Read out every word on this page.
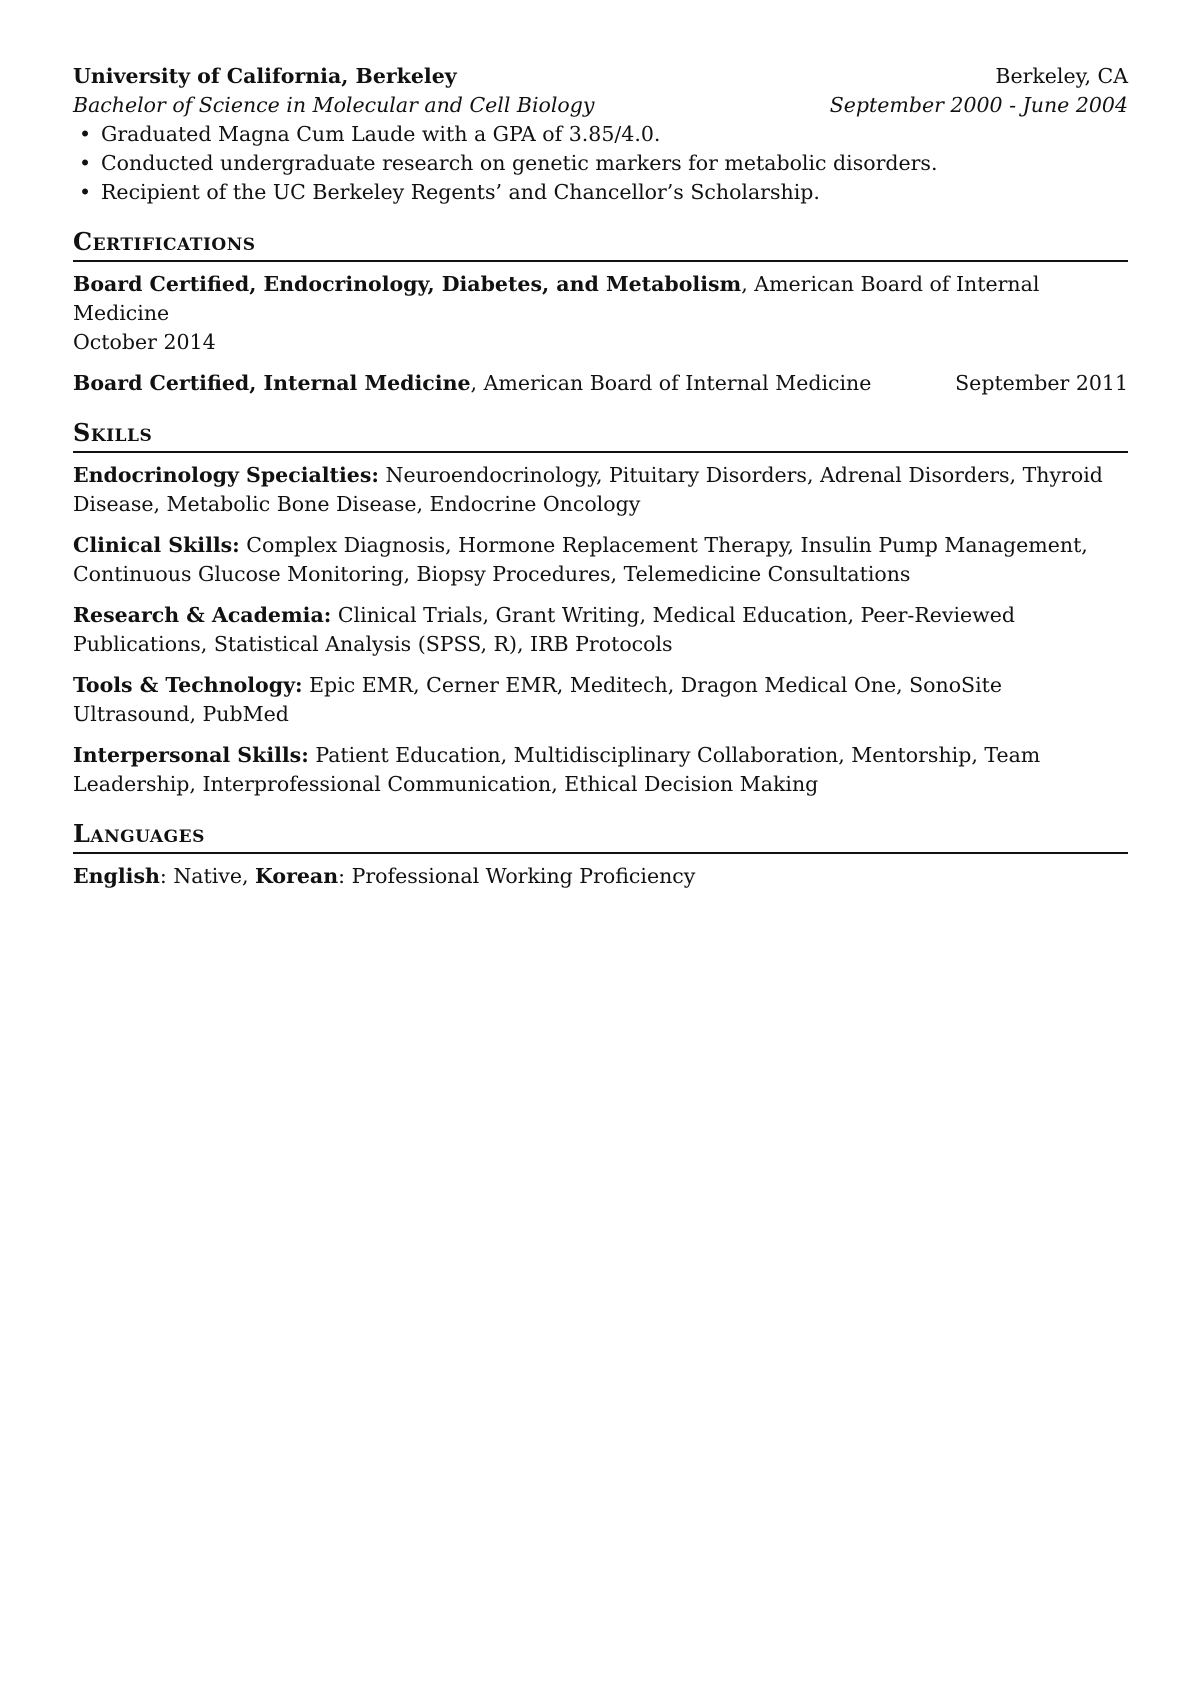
University of California, Berkeley	Berkeley, CA
Bachelor of Science in Molecular and Cell Biology	September 2000 - June 2004
• Graduated Magna Cum Laude with a GPA of 3.85/4.0.
• Conducted undergraduate research on genetic markers for metabolic disorders.
• Recipient of the UC Berkeley Regents’ and Chancellor’s Scholarship.
Certifications
Board Certified, Endocrinology, Diabetes, and Metabolism, American Board of Internal Medicine
October 2014
Board Certified, Internal Medicine, American Board of Internal Medicine	September 2011
Skills
Endocrinology Specialties: Neuroendocrinology, Pituitary Disorders, Adrenal Disorders, Thyroid Disease, Metabolic Bone Disease, Endocrine Oncology
Clinical Skills: Complex Diagnosis, Hormone Replacement Therapy, Insulin Pump Management, Continuous Glucose Monitoring, Biopsy Procedures, Telemedicine Consultations
Research & Academia: Clinical Trials, Grant Writing, Medical Education, Peer-Reviewed Publications, Statistical Analysis (SPSS, R), IRB Protocols
Tools & Technology: Epic EMR, Cerner EMR, Meditech, Dragon Medical One, SonoSite Ultrasound, PubMed
Interpersonal Skills: Patient Education, Multidisciplinary Collaboration, Mentorship, Team Leadership, Interprofessional Communication, Ethical Decision Making
Languages
English: Native, Korean: Professional Working Proficiency
